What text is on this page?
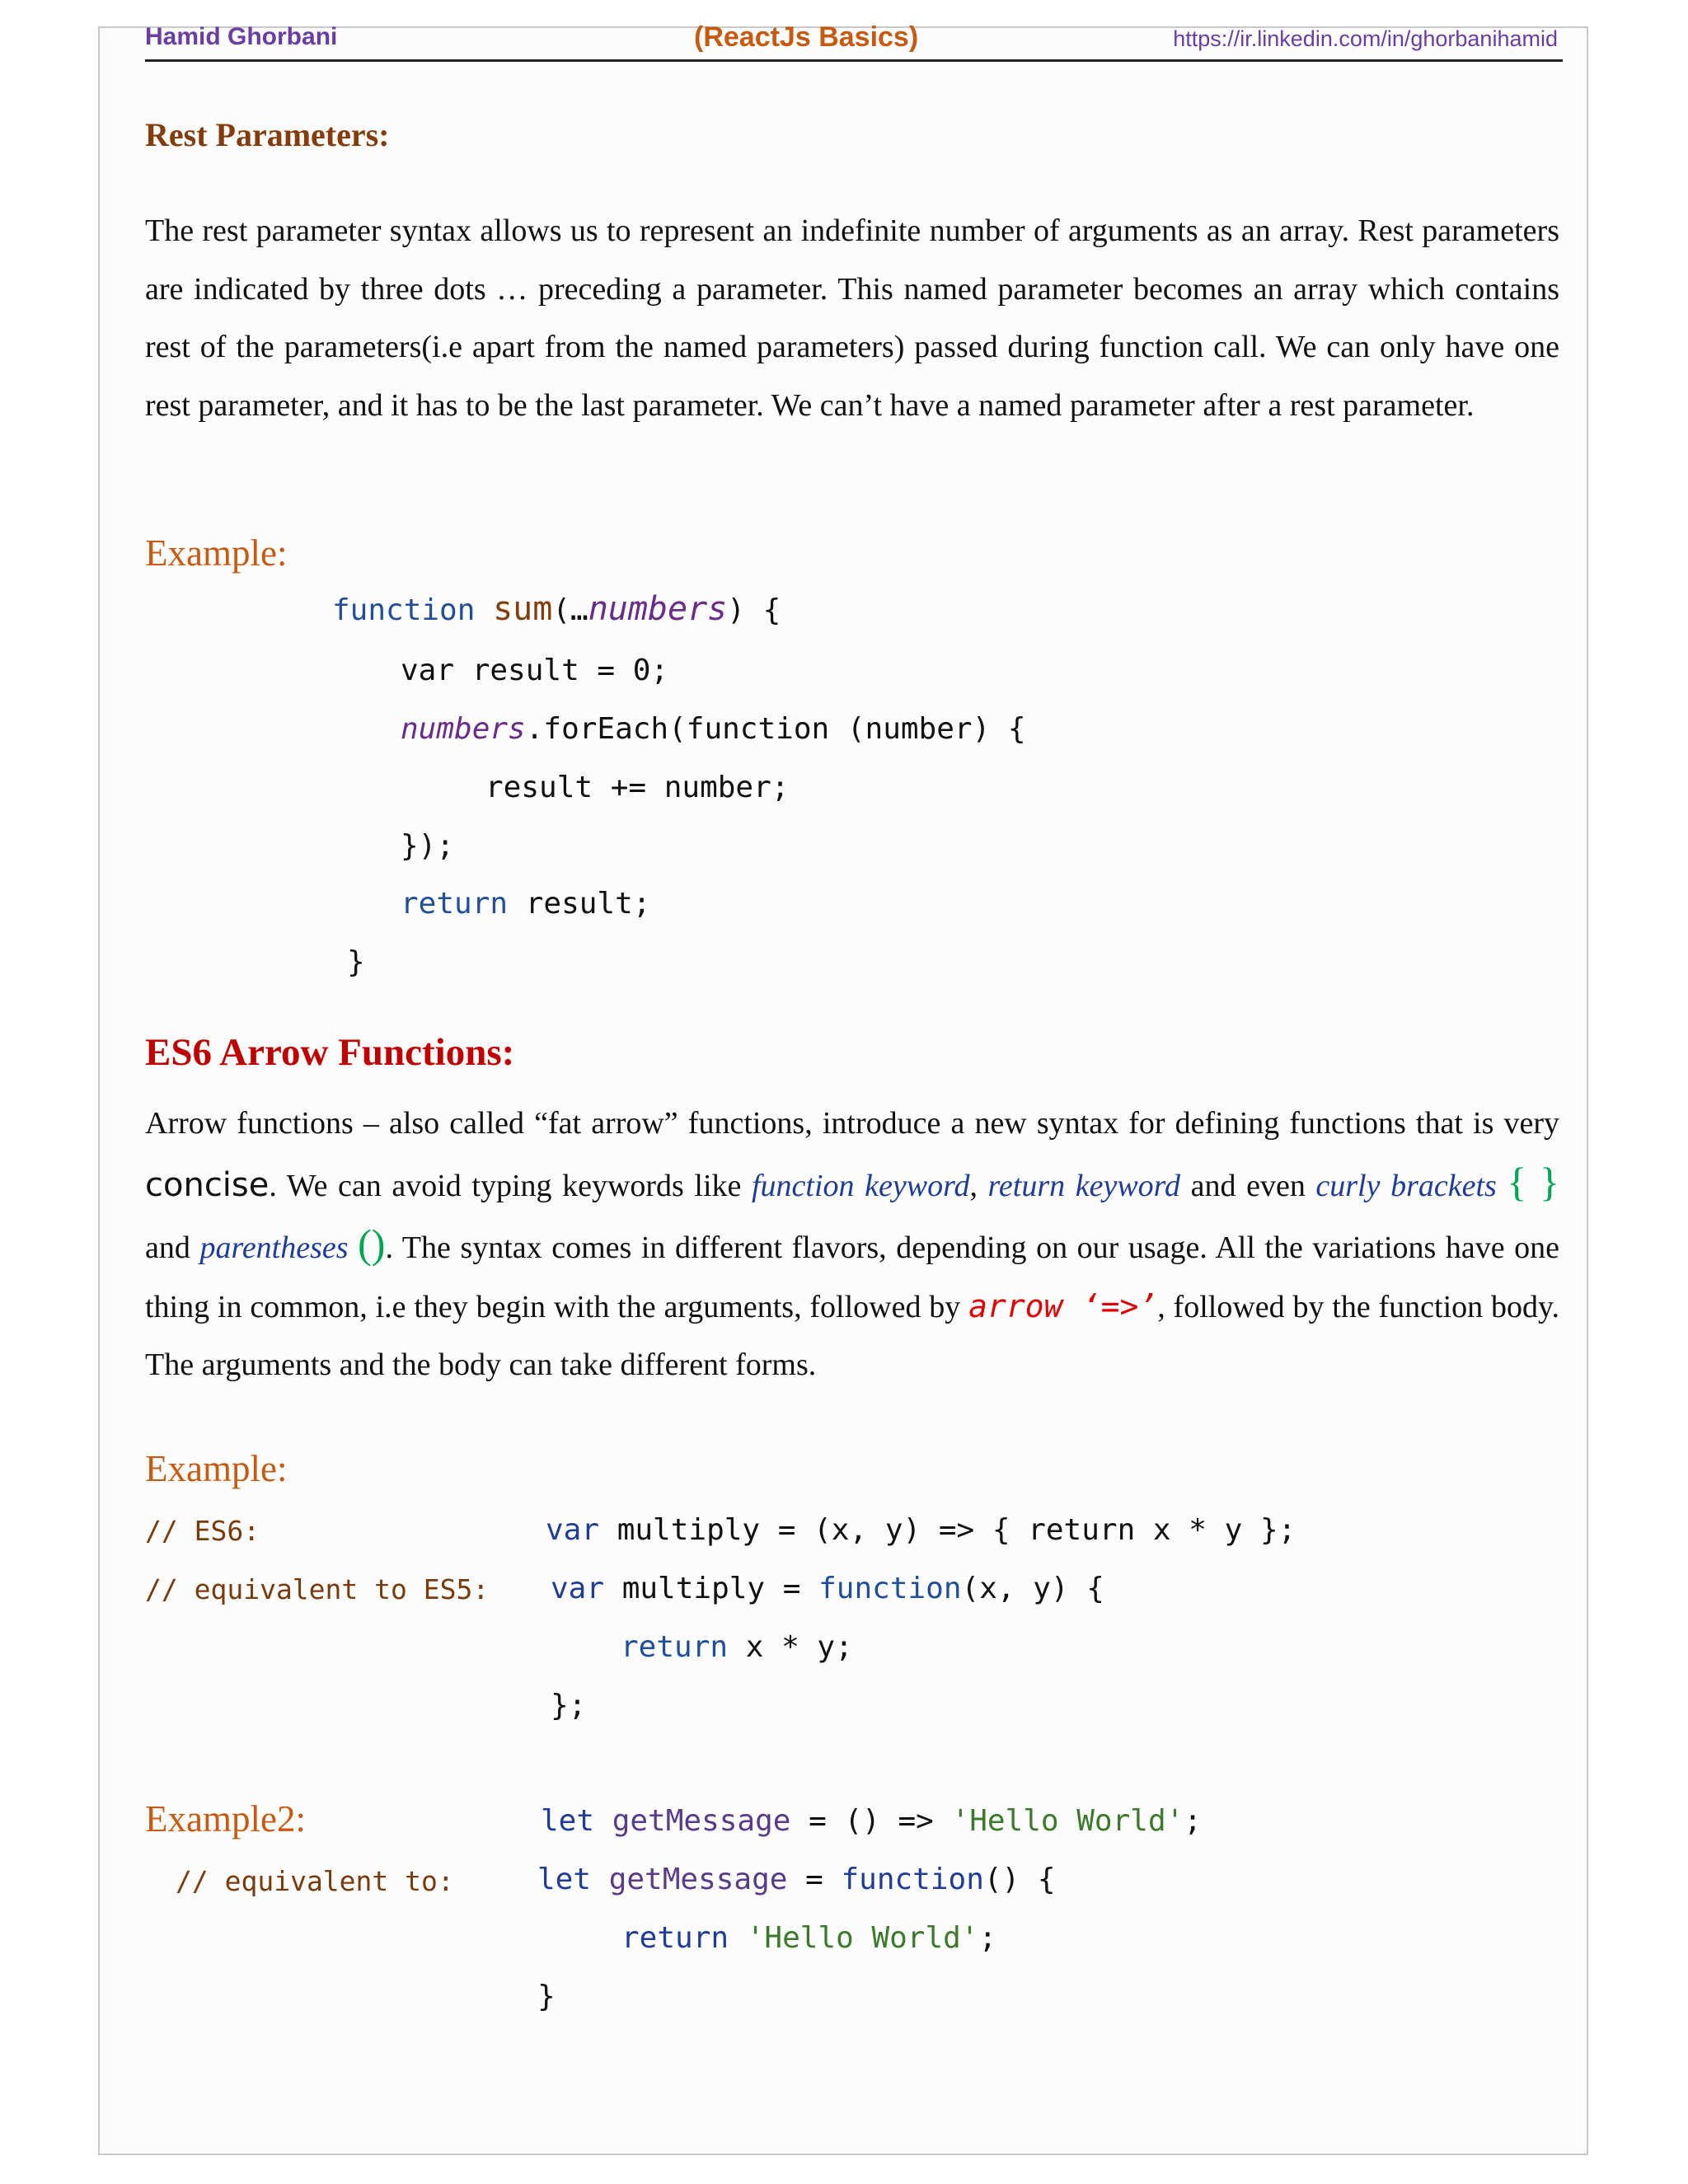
Hamid Ghorbani	(ReactJs Basics)	https://ir.linkedin.com/in/ghorbanihamid
Rest Parameters:
The rest parameter syntax allows us to represent an indefinite number of arguments as an array. Rest parameters are indicated by three dots … preceding a parameter. This named parameter becomes an array which contains rest of the parameters(i.e apart from the named parameters) passed during function call. We can only have one rest parameter, and it has to be the last parameter. We can’t have a named parameter after a rest parameter.
Example:
function sum(…numbers) {
var result = 0;
numbers.forEach(function (number) {
result += number;
});
return result;
}
ES6 Arrow Functions:
Arrow functions – also called “fat arrow” functions, introduce a new syntax for defining functions that is very concise. We can avoid typing keywords like function keyword, return keyword and even curly brackets { } and parentheses (). The syntax comes in different flavors, depending on our usage. All the variations have one thing in common, i.e they begin with the arguments, followed by arrow ‘=>’, followed by the function body. The arguments and the body can take different forms.
Example:
// ES6:
// equivalent to ES5:
var multiply = (x, y) => { return x * y };
var multiply = function(x, y) {
return x * y;
};
Example2:
// equivalent to:
let getMessage = () => 'Hello World';
let getMessage = function() {
return 'Hello World';
}
